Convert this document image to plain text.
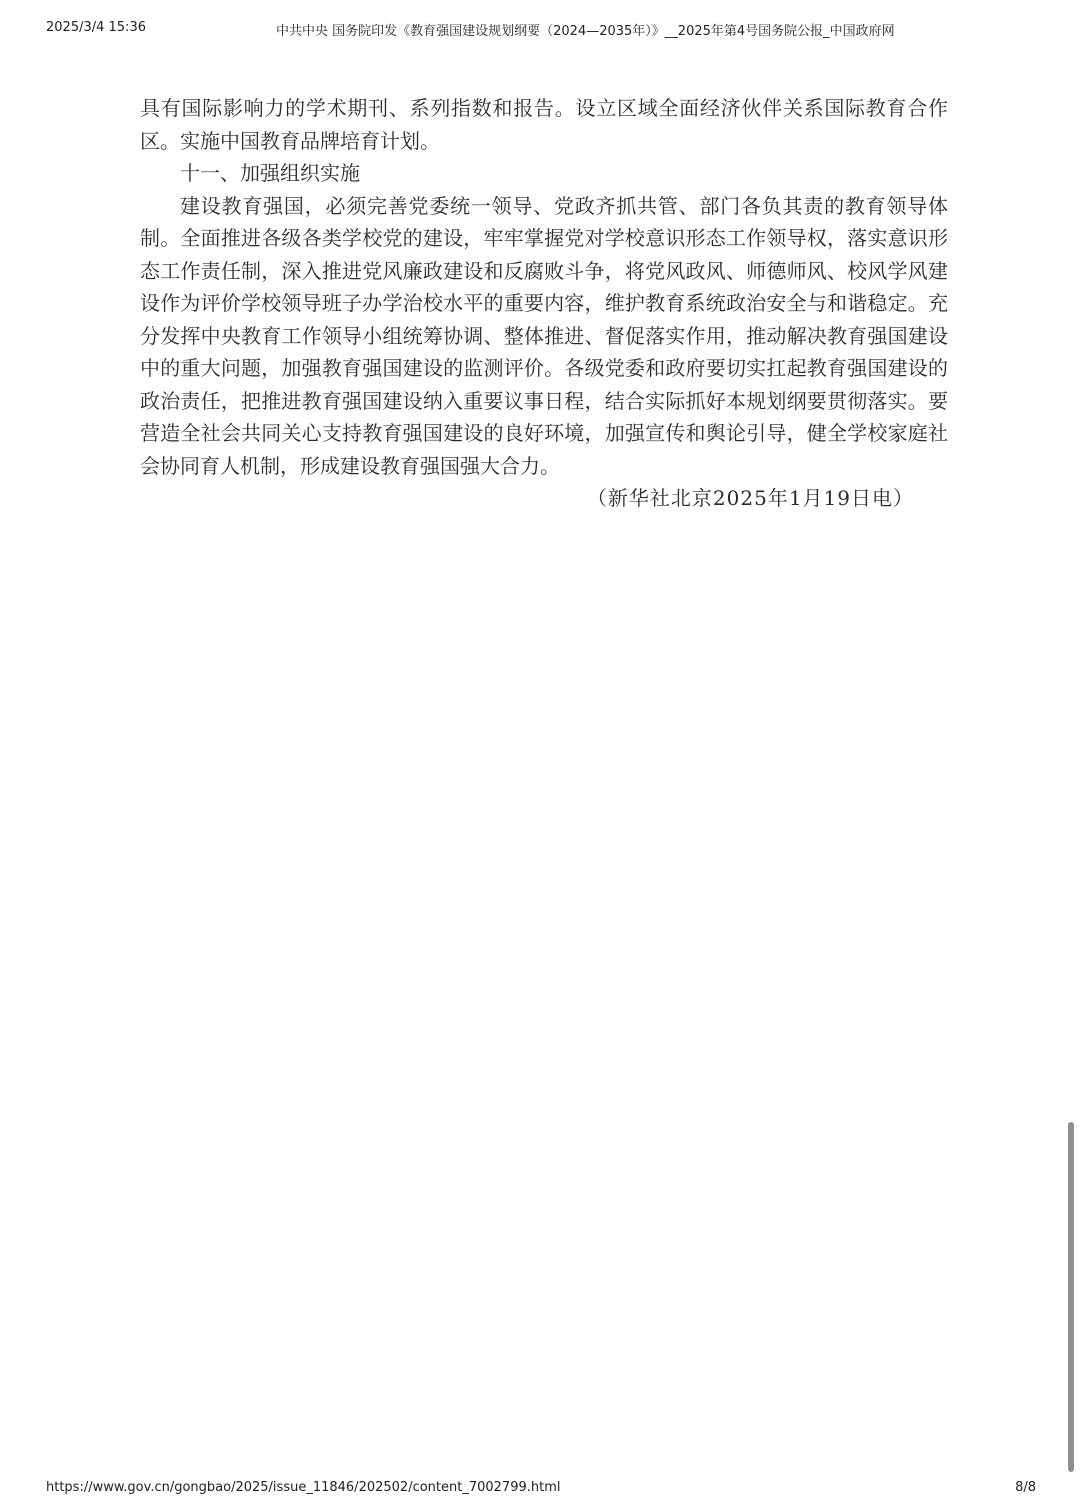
2025/3/4 15:36	中共中央 国务院印发《教育强国建设规划纲要（2024—2035年）》__2025年第4号国务院公报_中国政府网

具有国际影响力的学术期刊、系列指数和报告。设立区域全面经济伙伴关系国际教育合作区。实施中国教育品牌培育计划。

十一、加强组织实施

建设教育强国，必须完善党委统一领导、党政齐抓共管、部门各负其责的教育领导体制。全面推进各级各类学校党的建设，牢牢掌握党对学校意识形态工作领导权，落实意识形态工作责任制，深入推进党风廉政建设和反腐败斗争，将党风政风、师德师风、校风学风建设作为评价学校领导班子办学治校水平的重要内容，维护教育系统政治安全与和谐稳定。充分发挥中央教育工作领导小组统筹协调、整体推进、督促落实作用，推动解决教育强国建设中的重大问题，加强教育强国建设的监测评价。各级党委和政府要切实扛起教育强国建设的政治责任，把推进教育强国建设纳入重要议事日程，结合实际抓好本规划纲要贯彻落实。要营造全社会共同关心支持教育强国建设的良好环境，加强宣传和舆论引导，健全学校家庭社会协同育人机制，形成建设教育强国强大合力。

（新华社北京2025年1月19日电）

https://www.gov.cn/gongbao/2025/issue_11846/202502/content_7002799.html	8/8
